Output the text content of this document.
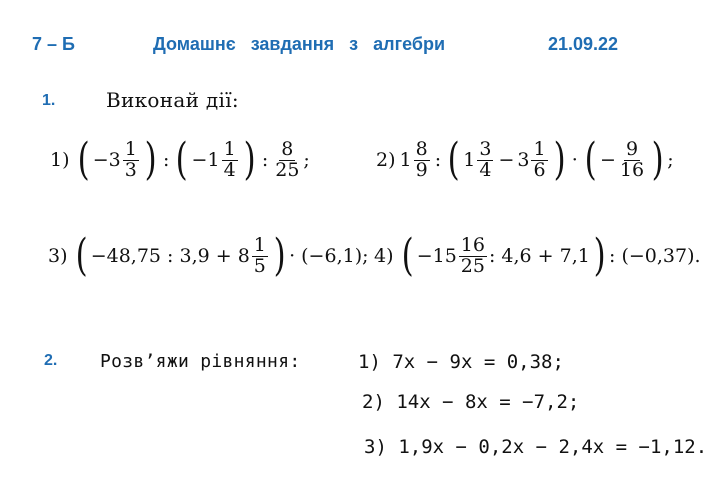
7 – Б	Домашнє   завдання   з   алгебри	21.09.22
1.	Виконай дії:
1) ( $-3 \frac{1}{3}$ ) : ( $-1 \frac{1}{4}$ ) : $\frac{8}{25}$ ;	2) $1 \frac{8}{9}$ : ( $1 \frac{3}{4} - 3 \frac{1}{6}$ ) · ( − $\frac{9}{16}$ ) ;
3) ( −48,75 : $3,9 + 8 \frac{1}{5}$ ) · (−6,1); 4) ( $-15 \frac{16}{25}$ : 4,6 + 7,1 ) : (−0,37).
2. Розв’яжи рівняння:	1) 7x − 9x = 0,38;
2) 14x − 8x = −7,2;
3) 1,9x − 0,2x − 2,4x = −1,12.
